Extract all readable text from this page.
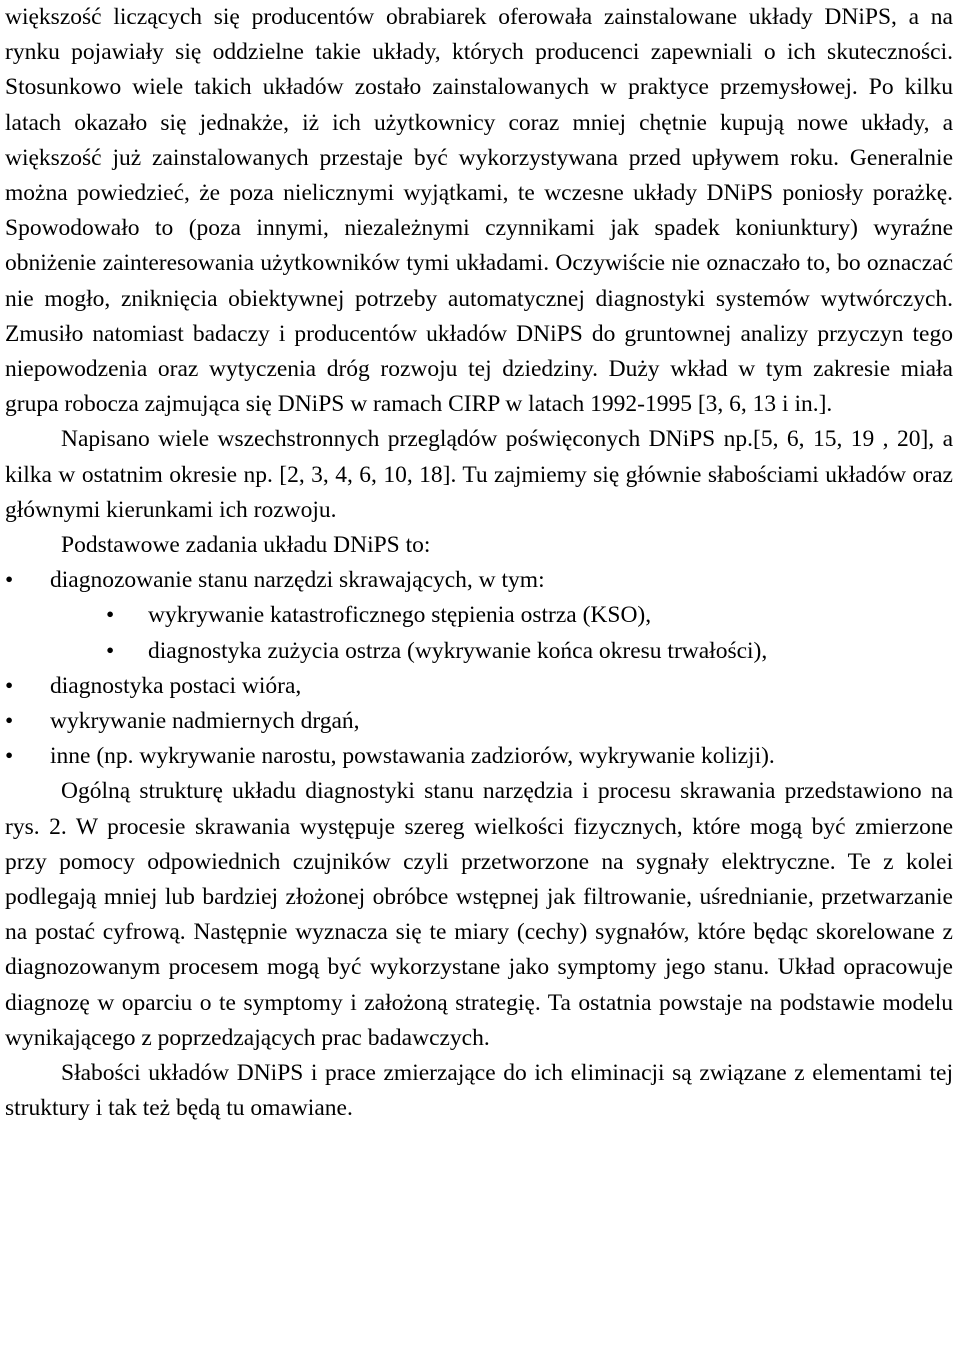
większość liczących się producentów obrabiarek oferowała zainstalowane układy DNiPS, a na rynku pojawiały się oddzielne takie układy, których producenci zapewniali o ich skuteczności. Stosunkowo wiele takich układów zostało zainstalowanych w praktyce przemysłowej. Po kilku latach okazało się jednakże, iż ich użytkownicy coraz mniej chętnie kupują nowe układy, a większość już zainstalowanych przestaje być wykorzystywana przed upływem roku. Generalnie można powiedzieć, że poza nielicznymi wyjątkami, te wczesne układy DNiPS poniosły porażkę. Spowodowało to (poza innymi, niezależnymi czynnikami jak spadek koniunktury) wyraźne obniżenie zainteresowania użytkowników tymi układami. Oczywiście nie oznaczało to, bo oznaczać nie mogło, zniknięcia obiektywnej potrzeby automatycznej diagnostyki systemów wytwórczych. Zmusiło natomiast badaczy i producentów układów DNiPS do gruntownej analizy przyczyn tego niepowodzenia oraz wytyczenia dróg rozwoju tej dziedziny. Duży wkład w tym zakresie miała grupa robocza zajmująca się DNiPS w ramach CIRP w latach 1992-1995 [3, 6, 13 i in.].

Napisano wiele wszechstronnych przeglądów poświęconych DNiPS np.[5, 6, 15, 19 , 20], a kilka w ostatnim okresie np. [2, 3, 4, 6, 10, 18]. Tu zajmiemy się głównie słabościami układów oraz głównymi kierunkami ich rozwoju.

Podstawowe zadania układu DNiPS to:

• diagnozowanie stanu narzędzi skrawających, w tym:
• wykrywanie katastroficznego stępienia ostrza (KSO),
• diagnostyka zużycia ostrza (wykrywanie końca okresu trwałości),
• diagnostyka postaci wióra,
• wykrywanie nadmiernych drgań,
• inne (np. wykrywanie narostu, powstawania zadziorów, wykrywanie kolizji).

Ogólną strukturę układu diagnostyki stanu narzędzia i procesu skrawania przedstawiono na rys. 2. W procesie skrawania występuje szereg wielkości fizycznych, które mogą być zmierzone przy pomocy odpowiednich czujników czyli przetworzone na sygnały elektryczne. Te z kolei podlegają mniej lub bardziej złożonej obróbce wstępnej jak filtrowanie, uśrednianie, przetwarzanie na postać cyfrową. Następnie wyznacza się te miary (cechy) sygnałów, które będąc skorelowane z diagnozowanym procesem mogą być wykorzystane jako symptomy jego stanu. Układ opracowuje diagnozę w oparciu o te symptomy i założoną strategię. Ta ostatnia powstaje na podstawie modelu wynikającego z poprzedzających prac badawczych.

Słabości układów DNiPS i prace zmierzające do ich eliminacji są związane z elementami tej struktury i tak też będą tu omawiane.
